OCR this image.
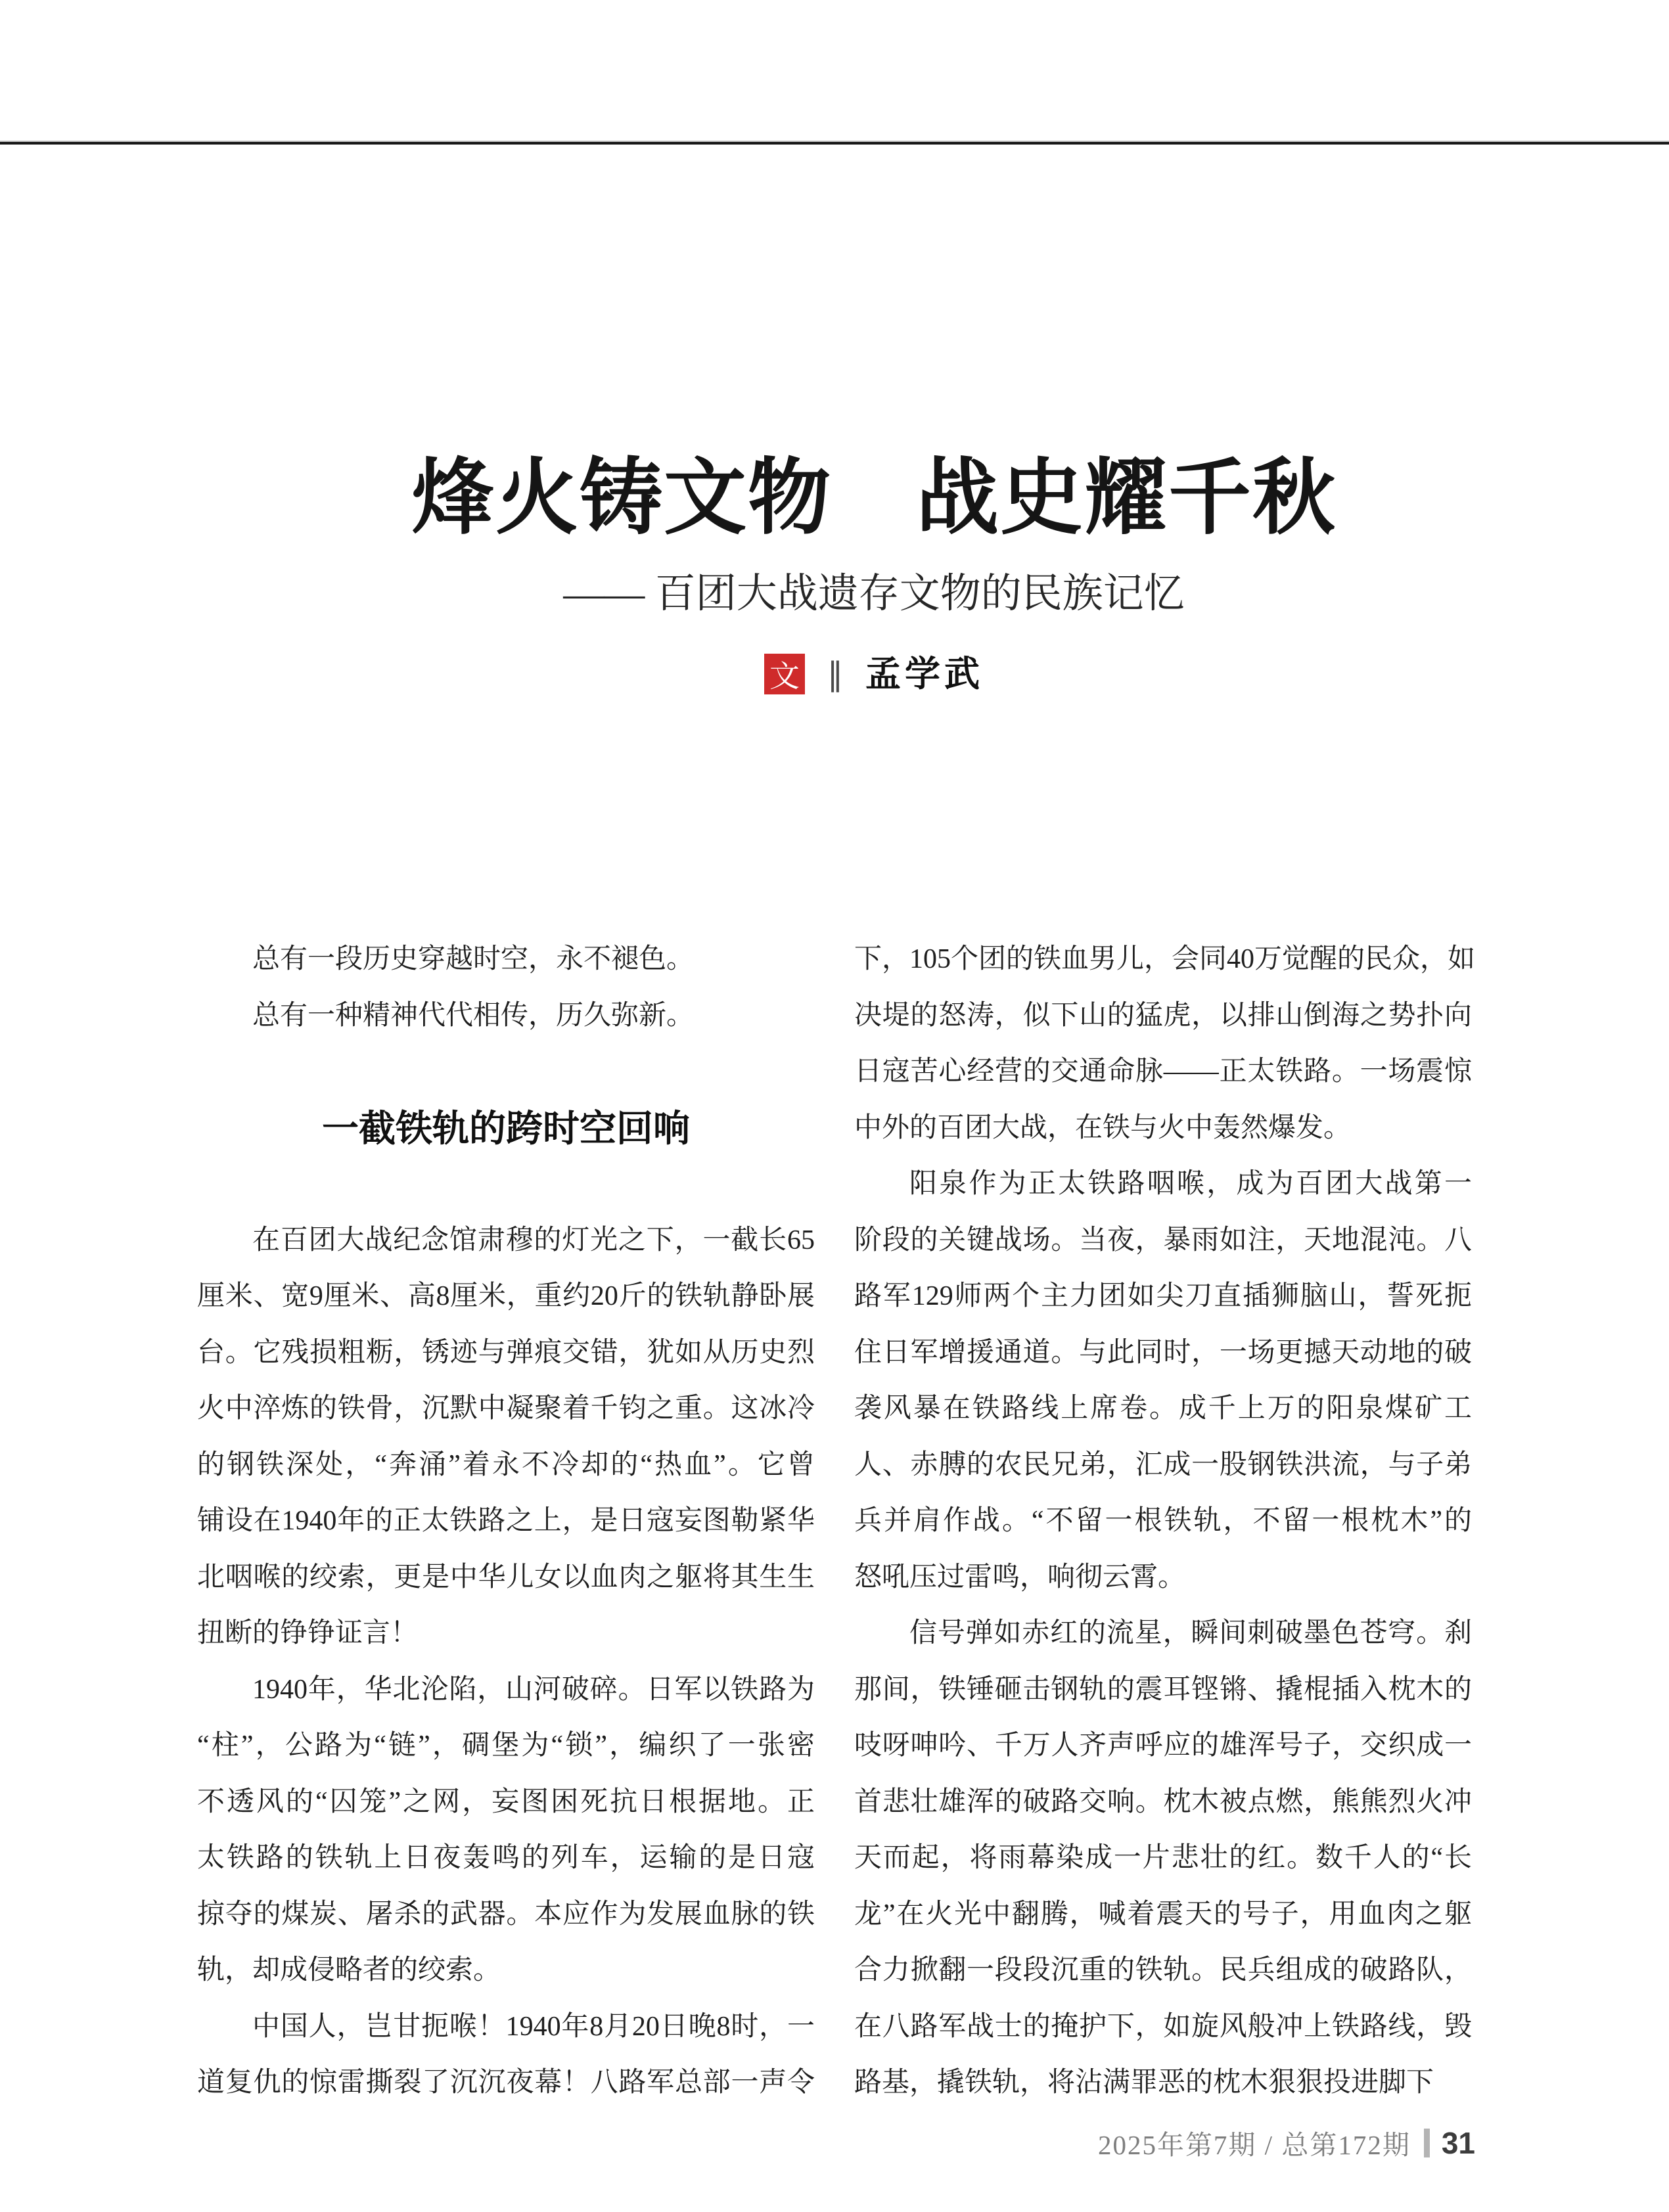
烽火铸文物　战史耀千秋
—— 百团大战遗存文物的民族记忆
文 ‖ 孟学武
总有一段历史穿越时空，永不褪色。
总有一种精神代代相传，历久弥新。
一截铁轨的跨时空回响
在百团大战纪念馆肃穆的灯光之下，一截长65
厘米、宽9厘米、高8厘米，重约20斤的铁轨静卧展
台。它残损粗粝，锈迹与弹痕交错，犹如从历史烈
火中淬炼的铁骨，沉默中凝聚着千钧之重。这冰冷
的钢铁深处，“奔涌”着永不冷却的“热血”。它曾
铺设在1940年的正太铁路之上，是日寇妄图勒紧华
北咽喉的绞索，更是中华儿女以血肉之躯将其生生
扭断的铮铮证言！
1940年，华北沦陷，山河破碎。日军以铁路为
“柱”，公路为“链”，碉堡为“锁”，编织了一张密
不透风的“囚笼”之网，妄图困死抗日根据地。正
太铁路的铁轨上日夜轰鸣的列车，运输的是日寇
掠夺的煤炭、屠杀的武器。本应作为发展血脉的铁
轨，却成侵略者的绞索。
中国人，岂甘扼喉！1940年8月20日晚8时，一
道复仇的惊雷撕裂了沉沉夜幕！八路军总部一声令
下，105个团的铁血男儿，会同40万觉醒的民众，如
决堤的怒涛，似下山的猛虎，以排山倒海之势扑向
日寇苦心经营的交通命脉——正太铁路。一场震惊
中外的百团大战，在铁与火中轰然爆发。
阳泉作为正太铁路咽喉，成为百团大战第一
阶段的关键战场。当夜，暴雨如注，天地混沌。八
路军129师两个主力团如尖刀直插狮脑山，誓死扼
住日军增援通道。与此同时，一场更撼天动地的破
袭风暴在铁路线上席卷。成千上万的阳泉煤矿工
人、赤膊的农民兄弟，汇成一股钢铁洪流，与子弟
兵并肩作战。“不留一根铁轨，不留一根枕木”的
怒吼压过雷鸣，响彻云霄。
信号弹如赤红的流星，瞬间刺破墨色苍穹。刹
那间，铁锤砸击钢轨的震耳铿锵、撬棍插入枕木的
吱呀呻吟、千万人齐声呼应的雄浑号子，交织成一
首悲壮雄浑的破路交响。枕木被点燃，熊熊烈火冲
天而起，将雨幕染成一片悲壮的红。数千人的“长
龙”在火光中翻腾，喊着震天的号子，用血肉之躯
合力掀翻一段段沉重的铁轨。民兵组成的破路队，
在八路军战士的掩护下，如旋风般冲上铁路线，毁
路基，撬铁轨，将沾满罪恶的枕木狠狠投进脚下
2025年第7期 / 总第172期 31
